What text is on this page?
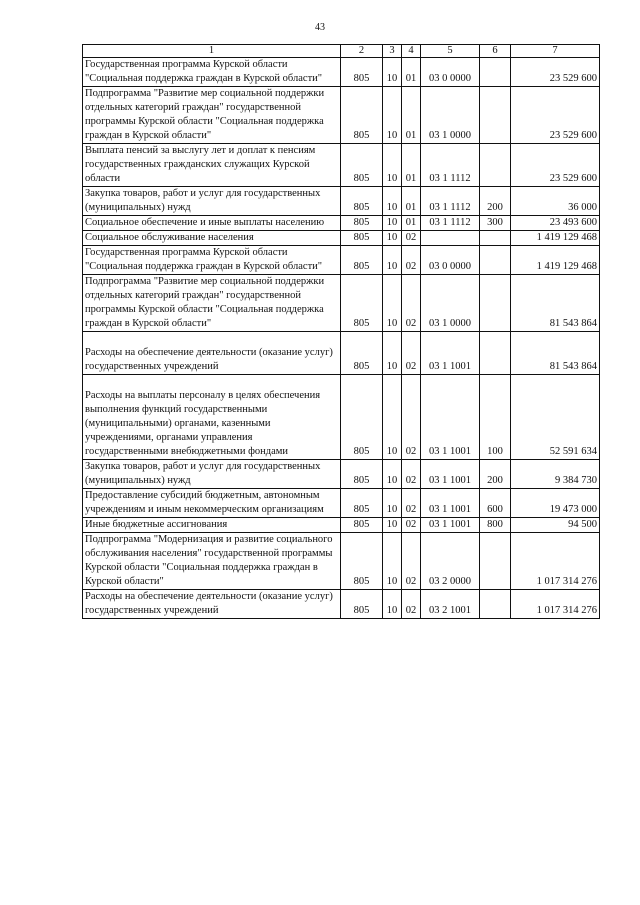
43
1	2	3	4	5	6	7
Государственная программа Курской области "Социальная поддержка граждан в Курской области"	805	10	01	03 0 0000		23 529 600
Подпрограмма "Развитие мер социальной поддержки отдельных категорий граждан" государственной программы Курской области "Социальная поддержка граждан в Курской области"	805	10	01	03 1 0000		23 529 600
Выплата пенсий за выслугу лет и доплат к пенсиям государственных гражданских служащих Курской области	805	10	01	03 1 1112		23 529 600
Закупка товаров, работ и услуг для государственных (муниципальных) нужд	805	10	01	03 1 1112	200	36 000
Социальное обеспечение и иные выплаты населению	805	10	01	03 1 1112	300	23 493 600
Социальное обслуживание населения	805	10	02			1 419 129 468
Государственная программа Курской области "Социальная поддержка граждан в Курской области"	805	10	02	03 0 0000		1 419 129 468
Подпрограмма "Развитие мер социальной поддержки отдельных категорий граждан" государственной программы Курской области "Социальная поддержка граждан в Курской области"	805	10	02	03 1 0000		81 543 864
Расходы на обеспечение деятельности (оказание услуг) государственных учреждений	805	10	02	03 1 1001		81 543 864
Расходы на выплаты персоналу в целях обеспечения выполнения функций государственными (муниципальными) органами, казенными учреждениями, органами управления государственными внебюджетными фондами	805	10	02	03 1 1001	100	52 591 634
Закупка товаров, работ и услуг для государственных (муниципальных) нужд	805	10	02	03 1 1001	200	9 384 730
Предоставление субсидий бюджетным, автономным учреждениям и иным некоммерческим организациям	805	10	02	03 1 1001	600	19 473 000
Иные бюджетные ассигнования	805	10	02	03 1 1001	800	94 500
Подпрограмма "Модернизация и развитие социального обслуживания населения" государственной программы Курской области "Социальная поддержка граждан в Курской области"	805	10	02	03 2 0000		1 017 314 276
Расходы на обеспечение деятельности (оказание услуг) государственных учреждений	805	10	02	03 2 1001		1 017 314 276
